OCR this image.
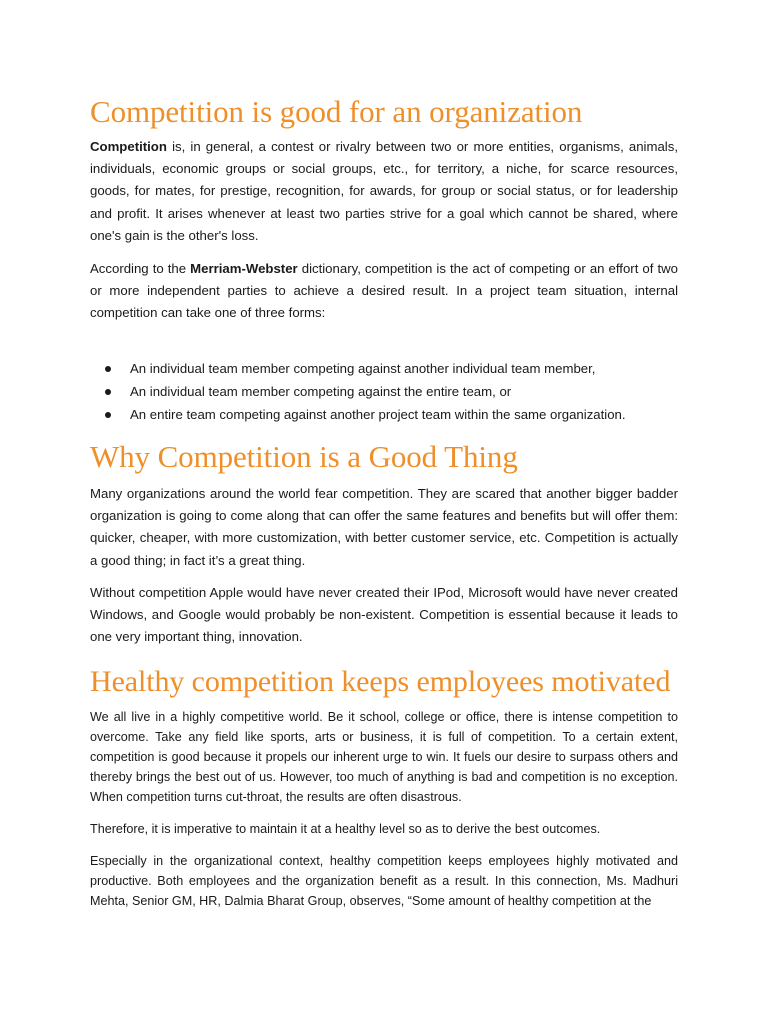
Competition is good for an organization

Competition is, in general, a contest or rivalry between two or more entities, organisms, animals, individuals, economic groups or social groups, etc., for territory, a niche, for scarce resources, goods, for mates, for prestige, recognition, for awards, for group or social status, or for leadership and profit. It arises whenever at least two parties strive for a goal which cannot be shared, where one's gain is the other's loss.

According to the Merriam-Webster dictionary, competition is the act of competing or an effort of two or more independent parties to achieve a desired result. In a project team situation, internal competition can take one of three forms:

An individual team member competing against another individual team member,
An individual team member competing against the entire team, or
An entire team competing against another project team within the same organization.
Why Competition is a Good Thing

Many organizations around the world fear competition. They are scared that another bigger badder organization is going to come along that can offer the same features and benefits but will offer them: quicker, cheaper, with more customization, with better customer service, etc. Competition is actually a good thing; in fact it’s a great thing.

Without competition Apple would have never created their IPod, Microsoft would have never created Windows, and Google would probably be non-existent. Competition is essential because it leads to one very important thing, innovation.

Healthy competition keeps employees motivated

We all live in a highly competitive world. Be it school, college or office, there is intense competition to overcome. Take any field like sports, arts or business, it is full of competition. To a certain extent, competition is good because it propels our inherent urge to win. It fuels our desire to surpass others and thereby brings the best out of us. However, too much of anything is bad and competition is no exception. When competition turns cut-throat, the results are often disastrous.

Therefore, it is imperative to maintain it at a healthy level so as to derive the best outcomes.

Especially in the organizational context, healthy competition keeps employees highly motivated and productive. Both employees and the organization benefit as a result. In this connection, Ms. Madhuri Mehta, Senior GM, HR, Dalmia Bharat Group, observes, “Some amount of healthy competition at the
